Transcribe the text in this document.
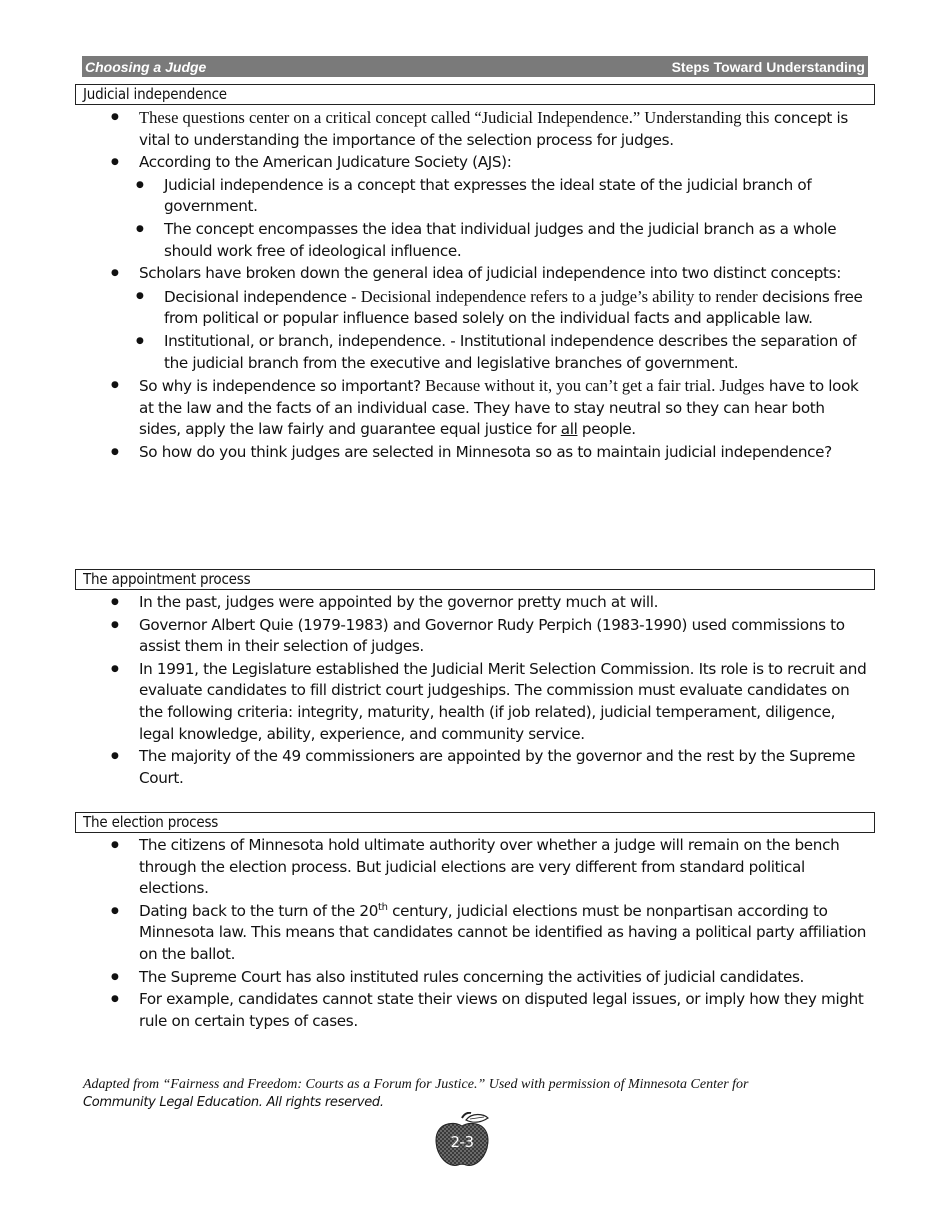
Choosing a Judge	Steps Toward Understanding
Judicial independence
● These questions center on a critical concept called “Judicial Independence.” Understanding this concept is vital to understanding the importance of the selection process for judges.
● According to the American Judicature Society (AJS):
● Judicial independence is a concept that expresses the ideal state of the judicial branch of government.
● The concept encompasses the idea that individual judges and the judicial branch as a whole should work free of ideological influence.
● Scholars have broken down the general idea of judicial independence into two distinct concepts:
● Decisional independence - Decisional independence refers to a judge’s ability to render decisions free from political or popular influence based solely on the individual facts and applicable law.
● Institutional, or branch, independence. - Institutional independence describes the separation of the judicial branch from the executive and legislative branches of government.
● So why is independence so important? Because without it, you can’t get a fair trial. Judges have to look at the law and the facts of an individual case. They have to stay neutral so they can hear both sides, apply the law fairly and guarantee equal justice for all people.
● So how do you think judges are selected in Minnesota so as to maintain judicial independence?
The appointment process
● In the past, judges were appointed by the governor pretty much at will.
● Governor Albert Quie (1979-1983) and Governor Rudy Perpich (1983-1990) used commissions to assist them in their selection of judges.
● In 1991, the Legislature established the Judicial Merit Selection Commission. Its role is to recruit and evaluate candidates to fill district court judgeships. The commission must evaluate candidates on the following criteria: integrity, maturity, health (if job related), judicial temperament, diligence, legal knowledge, ability, experience, and community service.
● The majority of the 49 commissioners are appointed by the governor and the rest by the Supreme Court.
The election process
● The citizens of Minnesota hold ultimate authority over whether a judge will remain on the bench through the election process. But judicial elections are very different from standard political elections.
● Dating back to the turn of the 20th century, judicial elections must be nonpartisan according to Minnesota law. This means that candidates cannot be identified as having a political party affiliation on the ballot.
● The Supreme Court has also instituted rules concerning the activities of judicial candidates.
● For example, candidates cannot state their views on disputed legal issues, or imply how they might rule on certain types of cases.
Adapted from “Fairness and Freedom: Courts as a Forum for Justice.” Used with permission of Minnesota Center for
Community Legal Education. All rights reserved.
2-3
